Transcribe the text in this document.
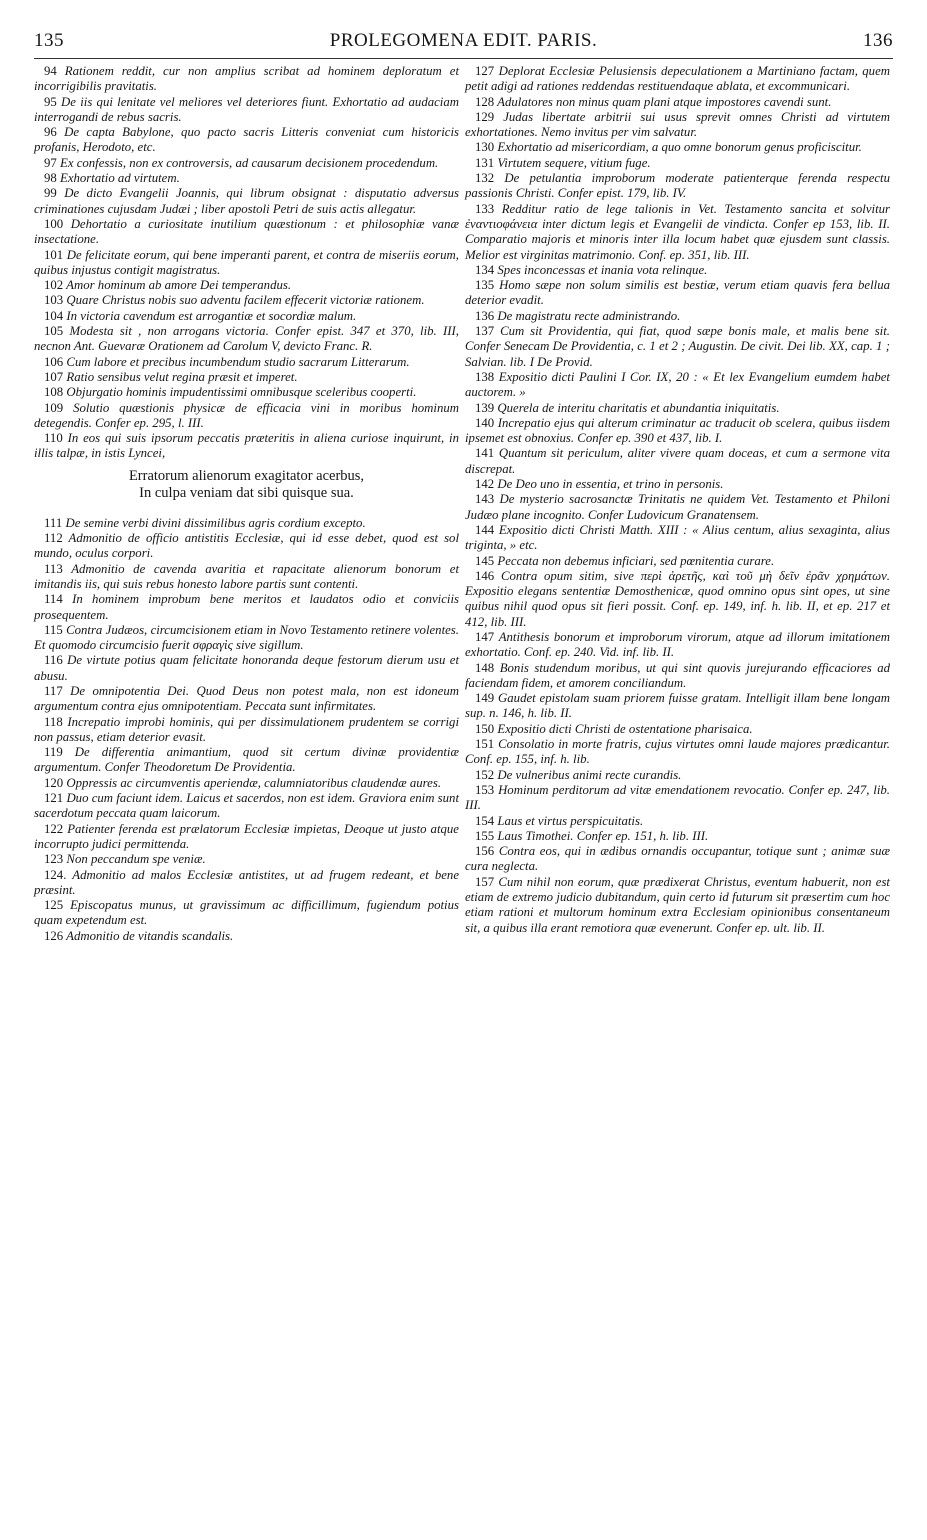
135	PROLEGOMENA EDIT. PARIS.	136

94 Rationem reddit, cur non amplius scribat ad hominem deploratum et incorrigibilis pravitatis.

95 De iis qui lenitate vel meliores vel deteriores fiunt. Exhortatio ad audaciam interrogandi de rebus sacris.

96 De capta Babylone, quo pacto sacris Litteris conveniat cum historicis profanis, Herodoto, etc.

97 Ex confessis, non ex controversis, ad causarum decisionem procedendum.

98 Exhortatio ad virtutem.

99 De dicto Evangelii Joannis, qui librum obsignat : disputatio adversus criminationes cujusdam Judæi ; liber apostoli Petri de suis actis allegatur.

100 Dehortatio a curiositate inutilium quæstionum : et philosophiæ vanæ insectatione.

101 De felicitate eorum, qui bene imperanti parent, et contra de miseriis eorum, quibus injustus contigit magistratus.

102 Amor hominum ab amore Dei temperandus.

103 Quare Christus nobis suo adventu facilem effecerit victoriæ rationem.

104 In victoria cavendum est arrogantiæ et socordiæ malum.

105 Modesta sit , non arrogans victoria. Confer epist. 347 et 370, lib. III, necnon Ant. Guevaræ Orationem ad Carolum V, devicto Franc. R.

106 Cum labore et precibus incumbendum studio sacrarum Litterarum.

107 Ratio sensibus velut regina præsit et imperet.

108 Objurgatio hominis impudentissimi omnibusque sceleribus cooperti.

109 Solutio quæstionis physicæ de efficacia vini in moribus hominum detegendis. Confer ep. 295, l. III.

110 In eos qui suis ipsorum peccatis præteritis in aliena curiose inquirunt, in illis talpæ, in istis Lyncei,

Erratorum alienorum exagitator acerbus,
In culpa veniam dat sibi quisque sua.

111 De semine verbi divini dissimilibus agris cordium excepto.

112 Admonitio de officio antistitis Ecclesiæ, qui id esse debet, quod est sol mundo, oculus corpori.

113 Admonitio de cavenda avaritia et rapacitate alienorum bonorum et imitandis iis, qui suis rebus honesto labore partis sunt contenti.

114 In hominem improbum bene meritos et laudatos odio et conviciis prosequentem.

115 Contra Judæos, circumcisionem etiam in Novo Testamento retinere volentes. Et quomodo circumcisio fuerit σφραγὶς sive sigillum.

116 De virtute potius quam felicitate honoranda deque festorum dierum usu et abusu.

117 De omnipotentia Dei. Quod Deus non potest mala, non est idoneum argumentum contra ejus omnipotentiam. Peccata sunt infirmitates.

118 Increpatio improbi hominis, qui per dissimulationem prudentem se corrigi non passus, etiam deterior evasit.

119 De differentia animantium, quod sit certum divinæ providentiæ argumentum. Confer Theodoretum De Providentia.

120 Oppressis ac circumventis aperiendæ, calumniatoribus claudendæ aures.

121 Duo cum faciunt idem. Laicus et sacerdos, non est idem. Graviora enim sunt sacerdotum peccata quam laicorum.

122 Patienter ferenda est prælatorum Ecclesiæ impietas, Deoque ut justo atque incorrupto judici permittenda.

123 Non peccandum spe veniæ.

124. Admonitio ad malos Ecclesiæ antistites, ut ad frugem redeant, et bene præsint.

125 Episcopatus munus, ut gravissimum ac difficillimum, fugiendum potius quam expetendum est.

126 Admonitio de vitandis scandalis.

127 Deplorat Ecclesiæ Pelusiensis depeculationem a Martiniano factam, quem petit adigi ad rationes reddendas restituendaque ablata, et excommunicari.

128 Adulatores non minus quam plani atque impostores cavendi sunt.

129 Judas libertate arbitrii sui usus sprevit omnes Christi ad virtutem exhortationes. Nemo invitus per vim salvatur.

130 Exhortatio ad misericordiam, a quo omne bonorum genus proficiscitur.

131 Virtutem sequere, vitium fuge.

132 De petulantia improborum moderate patienterque ferenda respectu passionis Christi. Confer epist. 179, lib. IV.

133 Redditur ratio de lege talionis in Vet. Testamento sancita et solvitur ἐναντιοφάνεια inter dictum legis et Evangelii de vindicta. Confer ep 153, lib. II. Comparatio majoris et minoris inter illa locum habet quæ ejusdem sunt classis. Melior est virginitas matrimonio. Conf. ep. 351, lib. III.

134 Spes inconcessas et inania vota relinque.

135 Homo sæpe non solum similis est bestiæ, verum etiam quavis fera bellua deterior evadit.

136 De magistratu recte administrando.

137 Cum sit Providentia, qui fiat, quod sæpe bonis male, et malis bene sit. Confer Senecam De Providentia, c. 1 et 2 ; Augustin. De civit. Dei lib. XX, cap. 1 ; Salvian. lib. I De Provid.

138 Expositio dicti Paulini I Cor. IX, 20 : « Et lex Evangelium eumdem habet auctorem. »

139 Querela de interitu charitatis et abundantia iniquitatis.

140 Increpatio ejus qui alterum criminatur ac traducit ob scelera, quibus iisdem ipsemet est obnoxius. Confer ep. 390 et 437, lib. I.

141 Quantum sit periculum, aliter vivere quam doceas, et cum a sermone vita discrepat.

142 De Deo uno in essentia, et trino in personis.

143 De mysterio sacrosanctæ Trinitatis ne quidem Vet. Testamento et Philoni Judæo plane incognito. Confer Ludovicum Granatensem.

144 Expositio dicti Christi Matth. XIII : « Alius centum, alius sexaginta, alius triginta, » etc.

145 Peccata non debemus inficiari, sed pœnitentia curare.

146 Contra opum sitim, sive περὶ ἀρετῆς, καὶ τοῦ μὴ δεῖν ἐρᾶν χρημάτων. Expositio elegans sententiæ Demosthenicæ, quod omnino opus sint opes, ut sine quibus nihil quod opus sit fieri possit. Conf. ep. 149, inf. h. lib. II, et ep. 217 et 412, lib. III.

147 Antithesis bonorum et improborum virorum, atque ad illorum imitationem exhortatio. Conf. ep. 240. Vid. inf. lib. II.

148 Bonis studendum moribus, ut qui sint quovis jurejurando efficaciores ad faciendam fidem, et amorem conciliandum.

149 Gaudet epistolam suam priorem fuisse gratam. Intelligit illam bene longam sup. n. 146, h. lib. II.

150 Expositio dicti Christi de ostentatione pharisaica.

151 Consolatio in morte fratris, cujus virtutes omni laude majores prædicantur. Conf. ep. 155, inf. h. lib.

152 De vulneribus animi recte curandis.

153 Hominum perditorum ad vitæ emendationem revocatio. Confer ep. 247, lib. III.

154 Laus et virtus perspicuitatis.

155 Laus Timothei. Confer ep. 151, h. lib. III.

156 Contra eos, qui in ædibus ornandis occupantur, totique sunt ; animæ suæ cura neglecta.

157 Cum nihil non eorum, quæ prædixerat Christus, eventum habuerit, non est etiam de extremo judicio dubitandum, quin certo id futurum sit præsertim cum hoc etiam rationi et multorum hominum extra Ecclesiam opinionibus consentaneum sit, a quibus illa erant remotiora quæ evenerunt. Confer ep. ult. lib. II.
